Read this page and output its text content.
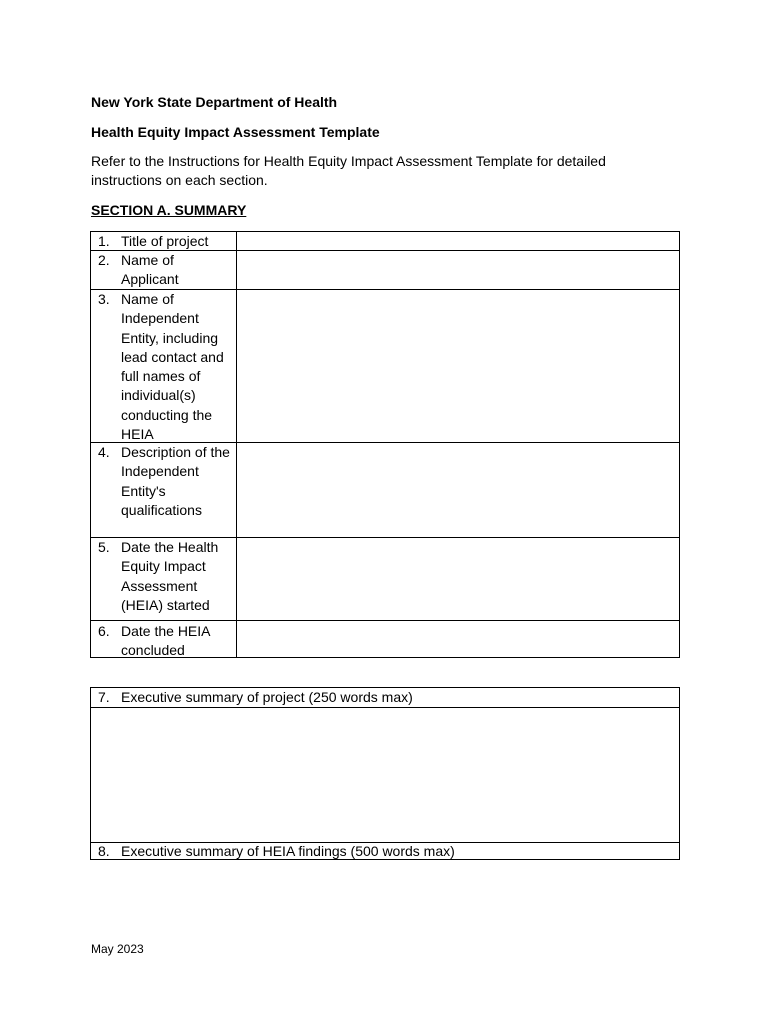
New York State Department of Health
Health Equity Impact Assessment Template
Refer to the Instructions for Health Equity Impact Assessment Template for detailed instructions on each section.
SECTION A. SUMMARY
1. Title of project
2. Name of Applicant
3. Name of Independent Entity, including lead contact and full names of individual(s) conducting the HEIA
4. Description of the Independent Entity's qualifications
5. Date the Health Equity Impact Assessment (HEIA) started
6. Date the HEIA concluded
7. Executive summary of project (250 words max)
8. Executive summary of HEIA findings (500 words max)
May 2023
